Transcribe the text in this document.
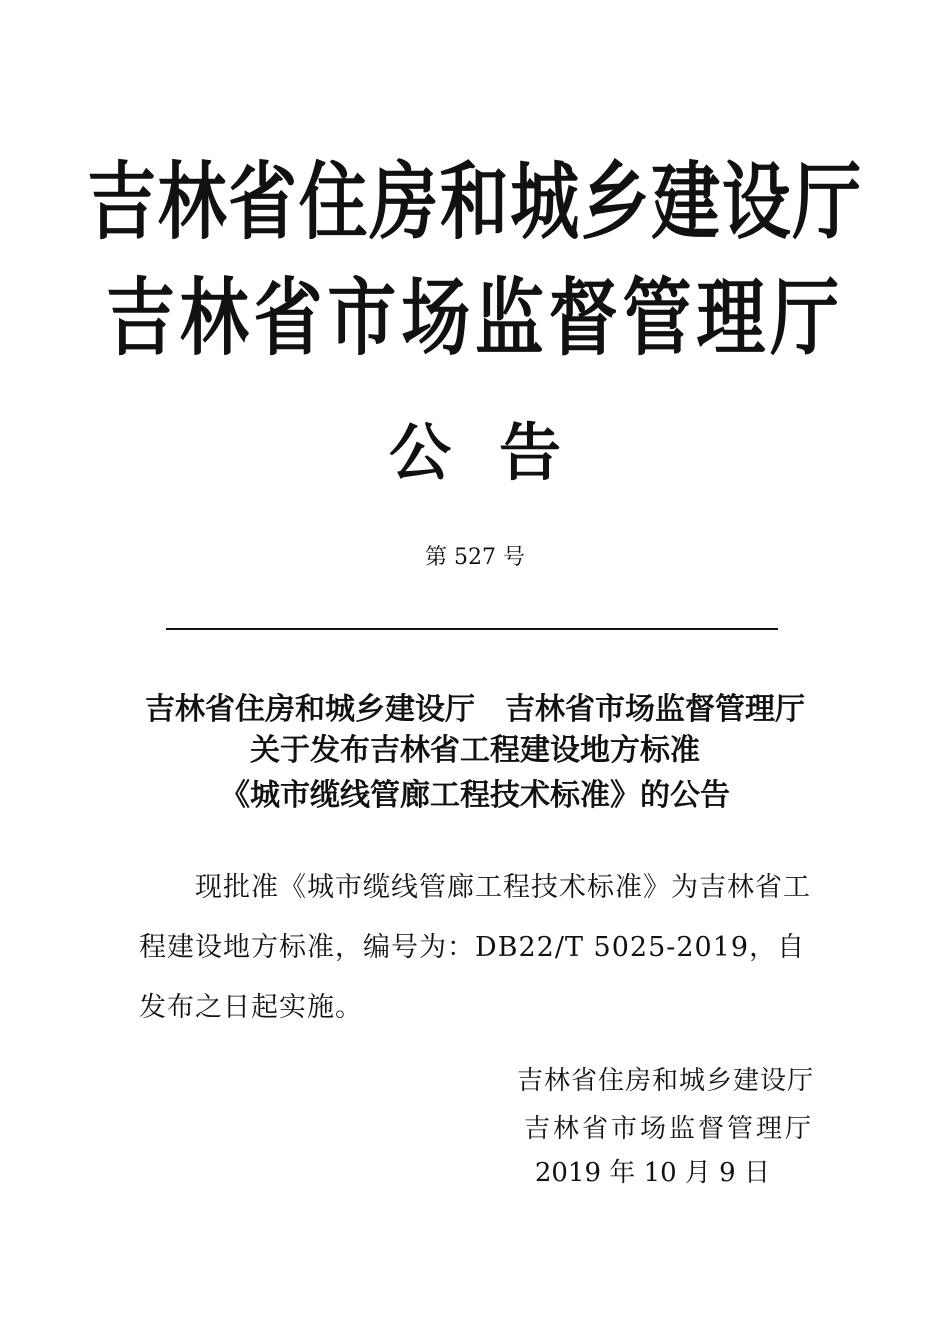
吉林省住房和城乡建设厅
吉林省市场监督管理厅
公告
第 527 号
吉林省住房和城乡建设厅　吉林省市场监督管理厅
关于发布吉林省工程建设地方标准
《城市缆线管廊工程技术标准》的公告
　　现批准《城市缆线管廊工程技术标准》为吉林省工程建设地方标准，编号为：DB22/T 5025-2019，自发布之日起实施。
吉林省住房和城乡建设厅
吉林省市场监督管理厅
2019 年 10 月 9 日
